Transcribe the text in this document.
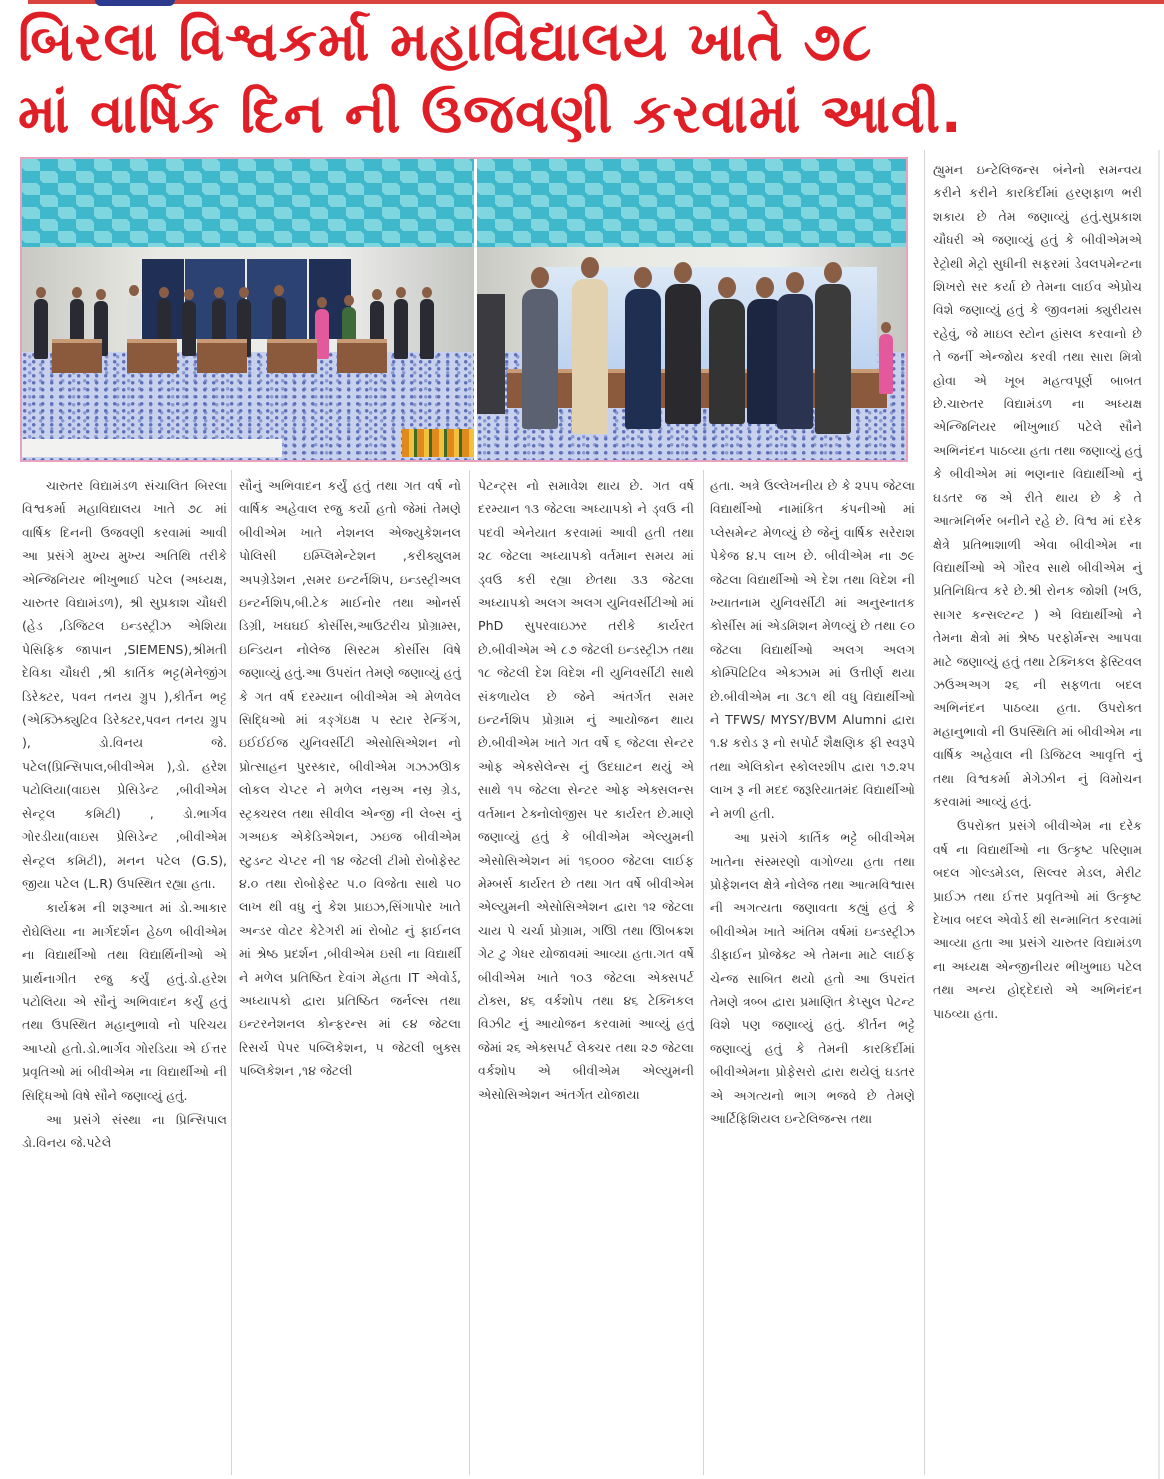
બિરલા વિશ્વકર્મા મહાવિદ્યાલય ખાતે ૭૮
માં વાર્ષિક દિન ની ઉજવણી કરવામાં આવી.

ચારુતર વિદ્યામંડળ સંચાલિત બિરલા વિશ્વકર્મા મહાવિદ્યાલય ખાતે ૭૮ માં વાર્ષિક દિનની ઉજવણી કરવામાં આવી આ પ્રસંગે મુખ્ય મુખ્ય અતિથિ તરીકે એન્જિનિયર ભીખુભાઈ પટેલ (અધ્યક્ષ, ચારુતર વિદ્યામંડળ), શ્રી સુપ્રકાશ ચૌધરી (હેડ ,ડિજિટલ ઇન્ડસ્ટ્રીઝ એશિયા પેસિફિક જાપાન ,SIEMENS),શ્રીમતી દેવિકા ચૌધરી ,શ્રી કાર્તિક ભટ્ટ(મેનેજીંગ ડિરેક્ટર, પવન તનય ગ્રુપ ),કીર્તન ભટ્ટ (એક્ઝિક્યુટિવ ડિરેક્ટર,પવન તનય ગ્રુપ ), ડો.વિનય જે. પટેલ(પ્રિન્સિપાલ,બીવીએમ ),ડો. હરેશ પટોલિયા(વાઇસ પ્રેસિડેન્ટ ,બીવીએમ સેન્ટ્રલ કમિટી) , ડો.ભાર્ગવ ગોરડીયા(વાઇસ પ્રેસિડેન્ટ ,બીવીએમ સેન્ટ્રલ કમિટી), મનન પટેલ (G.S), જીયા પટેલ (L.R) ઉપસ્થિત રહ્યા હતા.

કાર્યક્રમ ની શરૂઆત માં ડો.આકાર રોઘેલિયા ના માર્ગદર્શન હેઠળ બીવીએમ ના વિદ્યાર્થીઓ તથા વિદ્યાર્થિનીઓ એ પ્રાર્થનાગીત રજુ કર્યું હતું.ડો.હરેશ પટોલિયા એ સૌનું અભિવાદન કર્યું હતું તથા ઉપસ્થિત મહાનુભાવો નો પરિચય આપ્યો હતો.ડો.ભાર્ગવ ગોરડિયા એ ઈત્તર પ્રવૃતિઓ માં બીવીએમ ના વિદ્યાર્થીઓ ની સિદ્ધિઓ વિષે સૌને જણાવ્યું હતું.

આ પ્રસંગે સંસ્થા ના પ્રિન્સિપાલ ડો.વિનય જે.પટેલે

સૌનું અભિવાદન કર્યું હતું તથા ગત વર્ષ નો વાર્ષિક અહેવાલ રજુ કર્યો હતો જેમાં તેમણે બીવીએમ ખાતે નેશનલ એજ્યુકેશનલ પોલિસી ઇમ્પ્લિમેન્ટેશન ,કરીક્યુલમ અપગ્રેડેશન ,સમર ઇન્ટર્નશિપ, ઇન્ડસ્ટ્રીઅલ ઇન્ટર્નશિપ,બી.ટેક માઈનોર તથા ઓનર્સ ડિગ્રી, ખઘઘઈ કોર્સીસ,આઉટરીચ પ્રોગ્રામ્સ, ઇન્ડિયન નોલેજ સિસ્ટમ કોર્સીસ વિષે જણાવ્યું હતું.આ ઉપરાંત તેમણે જણાવ્યું હતું કે ગત વર્ષ દરમ્યાન બીવીએમ એ મેળવેલ સિદ્ધિઓ માં ત્રઙ્ગૅઇક્ષ ૫ સ્ટાર રેન્કિંગ, ઇઈઈઈજ યુનિવર્સીટી એસોસિએશન નો પ્રોત્સાહન પુરસ્કાર, બીવીએમ ગઝઝઊક લોકલ ચેપ્ટર ને મળેલ નસ્રઅ નસ્ર ગ્રેડ, સ્ટ્રક્ચરલ તથા સીવીલ એન્જી ની લેબ્સ નું ગઅઇક એકેડિએશન, ઝઇજ બીવીએમ સ્ટુડન્ટ ચેપ્ટર ની ૧૪ જેટલી ટીમો રોબોફેસ્ટ ૪.૦ તથા રોબોફેસ્ટ ૫.૦ વિજેતા સાથે ૫૦ લાખ થી વધુ નું કેશ પ્રાઇઝ,સિંગાપોર ખાતે અન્ડર વોટર કેટેગરી માં રોબોટ નું ફાઈનલ માં શ્રેષ્ઠ પ્રદર્શન ,બીવીએમ ઇસી ના વિદ્યાર્થી ને મળેલ પ્રતિષ્ઠિત દેવાંગ મેહતા IT એવોર્ડ, અધ્યાપકો દ્વારા પ્રતિષ્ઠિત જર્નલ્સ તથા ઇન્ટરનેશનલ કોન્ફરન્સ માં ૯૪ જેટલા રિસર્ચ પેપર પબ્લિકેશન, ૫ જેટલી બુક્સ પબ્લિકેશન ,૧૪ જેટલી

પેટન્ટ્સ નો સમાવેશ થાય છે. ગત વર્ષ દરમ્યાન ૧૩ જેટલા અધ્યાપકો ને ડ્વઉ ની પદવી એનેયાત કરવામાં આવી હતી તથા ૨૮ જેટલા અધ્યાપકો વર્તમાન સમય માં ડ્વઉ કરી રહ્યા છેતથા ૩૩ જેટલા અધ્યાપકો અલગ અલગ યુનિવર્સીટીઓ માં PhD સુપરવાઇઝર તરીકે કાર્યરત છે.બીવીએમ એ ૮૭ જેટલી ઇન્ડસ્ટ્રીઝ તથા ૧૮ જેટલી દેશ વિદેશ ની યુનિવર્સીટી સાથે સંકળાયેલ છે જેને અંતર્ગત સમર ઇન્ટર્નશિપ પ્રોગ્રામ નું આયોજન થાય છે.બીવીએમ ખાતે ગત વર્ષે ૬ જેટલા સેન્ટર ઓફ એક્સેલેન્સ નું ઉદઘાટન થયું એ સાથે ૧૫ જેટલા સેન્ટર ઓફ એક્સલન્સ વર્તમાન ટેક્નોલોજીસ પર કાર્યરત છે.માણે જણાવ્યું હતું કે બીવીએમ એલ્યુમની એસોસિએશન માં ૧૬૦૦૦ જેટલા લાઈફ મેમ્બર્સ કાર્યરત છે તથા ગત વર્ષે બીવીએમ એલ્યુમની એસોસિએશન દ્વારા ૧૨ જેટલા ચાય પે ચર્ચા પ્રોગ્રામ, ગઊિ તથા ઊિબક્રશ ગેટ ટુ ગેધર યોજાવમાં આવ્યા હતા.ગત વર્ષે બીવીએમ ખાતે ૧૦૩ જેટલા એક્સપર્ટ ટોક્સ, ૪૬ વર્કશોપ તથા ૪૬ ટેક્નિકલ વિઝીટ નું આયોજન કરવામાં આવ્યું હતું જેમાં ૨૬ એક્સપર્ટ લેક્ચર તથા ૨૭ જેટલા વર્કશોપ એ બીવીએમ એલ્યુમની એસોસિએશન અંતર્ગત યોજાયા

હતા. અત્રે ઉલ્લેખનીય છે કે ૨૫૫ જેટલા વિદ્યાર્થીઓ નામાંકિત કંપનીઓ માં પ્લેસમેન્ટ મેળવ્યું છે જેનું વાર્ષિક સરેરાશ પેકેજ ૪.૫ લાખ છે. બીવીએમ ના ૭૯ જેટલા વિદ્યાર્થીઓ એ દેશ તથા વિદેશ ની ખ્યાતનામ યુનિવર્સીટી માં અનુસ્નાતક કોર્સીસ માં એડમિશન મેળવ્યું છે તથા ૯૦ જેટલા વિદ્યાર્થીઓ અલગ અલગ કોમ્પિટિટિવ એક્ઝામ માં ઉત્તીર્ણ થયા છે.બીવીએમ ના ૩૮૧ થી વધુ વિદ્યાર્થીઓ ને TFWS/ MYSY/BVM Alumni દ્વારા ૧.૪ કરોડ રૂ નો સપોર્ટ શૈક્ષણિક ફી સ્વરૂપે તથા એલિકોન સ્કોલરશીપ દ્વારા ૧૭.૨૫ લાખ રૂ ની મદદ જરૂરિયાતમંદ વિદ્યાર્થીઓ ને મળી હતી.

આ પ્રસંગે કાર્તિક ભટ્ટે બીવીએમ ખાતેના સંસ્મરણો વાગોળ્યા હતા તથા પ્રોફેશનલ ક્ષેત્રે નોલેજ તથા આત્મવિશ્વાસ ની અગત્યતા જણાવતા કહ્યું હતું કે બીવીએમ ખાતે અંતિમ વર્ષમાં ઇન્ડસ્ટ્રીઝ ડીફાઈન પ્રોજેક્ટ એ તેમના માટે લાઈફ ચેન્જ સાબિત થયો હતો આ ઉપરાંત તેમણે ત્રબ્બ દ્વારા પ્રમાણિત કેપ્સુલ પેટન્ટ વિશે પણ જણાવ્યું હતું. કીર્તન ભટ્ટે જણાવ્યું હતું કે તેમની કારકિર્દીમાં બીવીએમના પ્રોફેસરો દ્વારા થયેલું ઘડતર એ અગત્યનો ભાગ ભજવે છે તેમણે આર્ટિફિશિયલ ઇન્ટેલિજન્સ તથા

હ્યુમન ઇન્ટેલિજન્સ બંનેનો સમન્વય કરીને કરીને કારકિર્દીમાં હરણફાળ ભરી શકાય છે તેમ જણાવ્યું હતું.સુપ્રકાશ ચૌધરી એ જણાવ્યું હતું કે બીવીએમએ રેટ્રોથી મેટ્રો સુધીની સફરમાં ડેવલપમેન્ટના શિખરો સર કર્યા છે તેમના લાઈવ એપ્રોચ વિશે જણાવ્યું હતું કે જીવનમાં ક્યુરીયસ રહેવું, જે માઇલ સ્ટોન હાંસલ કરવાનો છે તે જર્ની એન્જોય કરવી તથા સારા મિત્રો હોવા એ ખૂબ મહત્વપૂર્ણ બાબત છે.ચારુતર વિદ્યામંડળ ના અધ્યક્ષ એન્જિનિયર ભીખુભાઈ પટેલે સૌને અભિનંદન પાઠવ્યા હતા તથા જણાવ્યું હતું કે બીવીએમ માં ભણનાર વિદ્યાર્થીઓ નું ઘડતર જ એ રીતે થાય છે કે તે આત્મનિર્ભર બનીને રહે છે. વિશ્વ માં દરેક ક્ષેત્રે પ્રતિભાશાળી એવા બીવીએમ ના વિદ્યાર્થીઓ એ ગૌરવ સાથે બીવીએમ નું પ્રતિનિધિત્વ કરે છે.શ્રી રોનક જોશી (ખઉ, સાગર કન્સલ્ટન્ટ ) એ વિદ્યાર્થીઓ ને તેમના ક્ષેત્રો માં શ્રેષ્ઠ પરફોર્મન્સ આપવા માટે જણાવ્યું હતું તથા ટેક્નિકલ ફેસ્ટિવલ ઝઉઅઅગ ૨૬ ની સફળતા બદલ અભિનંદન પાઠવ્યા હતા. ઉપરોક્ત મહાનુભાવો ની ઉપસ્થિતિ માં બીવીએમ ના વાર્ષિક અહેવાલ ની ડિજિટલ આવૃત્તિ નું તથા વિશ્વકર્મા મેગેઝીન નું વિમોચન કરવામાં આવ્યું હતું.

ઉપરોક્ત પ્રસંગે બીવીએમ ના દરેક વર્ષ ના વિદ્યાર્થીઓ ના ઉત્કૃષ્ટ પરિણામ બદલ ગોલ્ડમેડલ, સિલ્વર મેડલ, મેરીટ પ્રાઈઝ તથા ઈત્તર પ્રવૃતિઓ માં ઉત્કૃષ્ટ દેખાવ બદલ એવોર્ડ થી સન્માનિત કરવામાં આવ્યા હતા આ પ્રસંગે ચારુતર વિદ્યામંડળ ના અધ્યક્ષ એન્જીનીયર ભીખુભાઇ પટેલ તથા અન્ય હોદ્દેદારો એ અભિનંદન પાઠવ્યા હતા.
